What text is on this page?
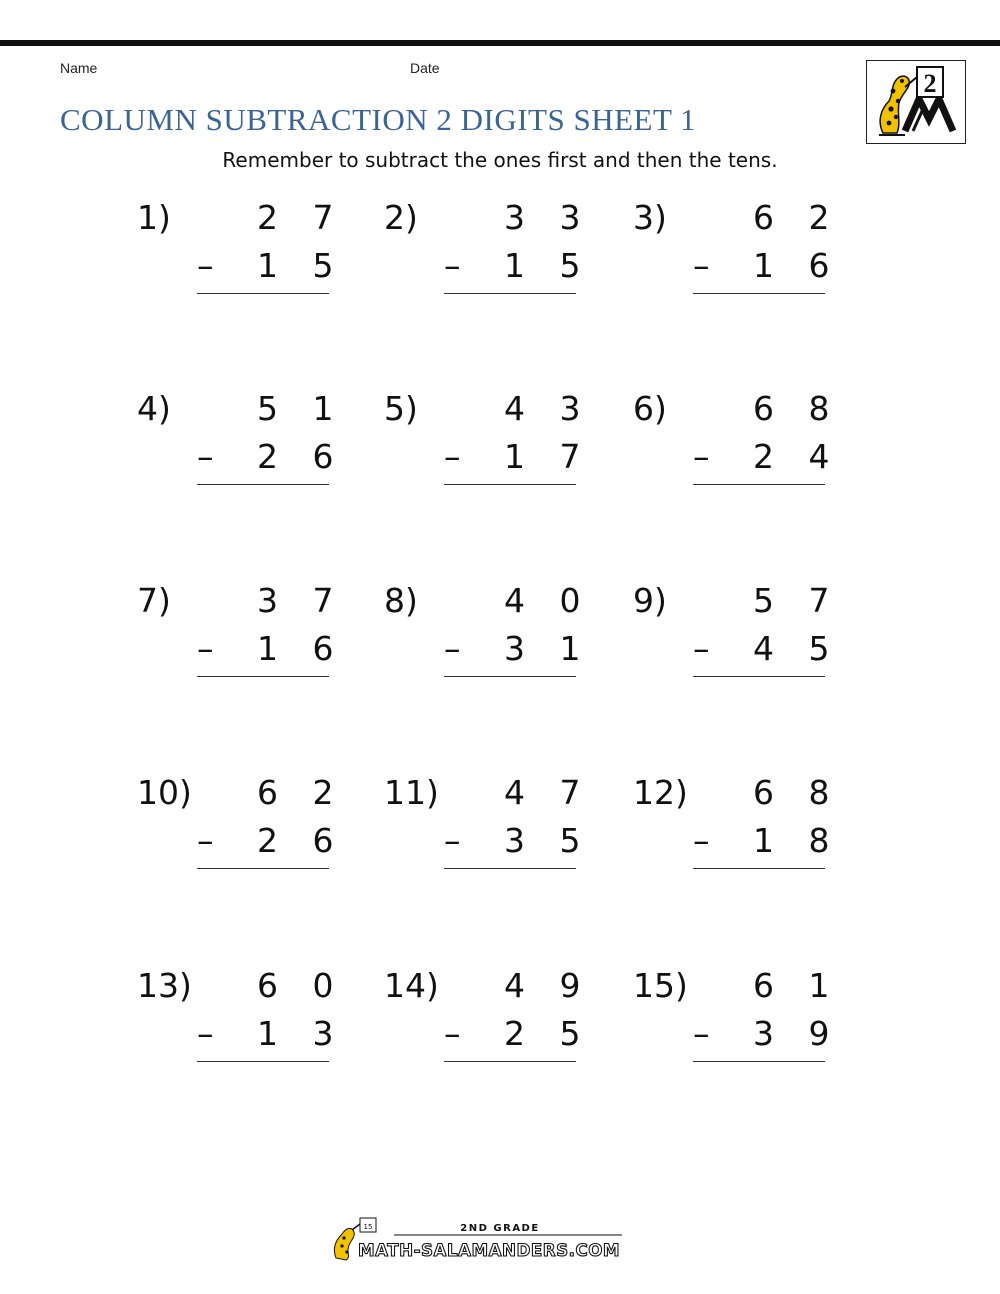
Name	Date
COLUMN SUBTRACTION 2 DIGITS SHEET 1
Remember to subtract the ones first and then the tens.
2
1)	2 7
– 1 5
2)	3 3
– 1 5
3)	6 2
– 1 6
4)	5 1
– 2 6
5)	4 3
– 1 7
6)	6 8
– 2 4
7)	3 7
– 1 6
8)	4 0
– 3 1
9)	5 7
– 4 5
10) 6 2
– 2 6
11) 4 7
– 3 5
12) 6 8
– 1 8
13) 6 0
– 1 3
14) 4 9
– 2 5
15) 6 1
– 3 9
15	2ND GRADE
MATH-SALAMANDERS.COM
